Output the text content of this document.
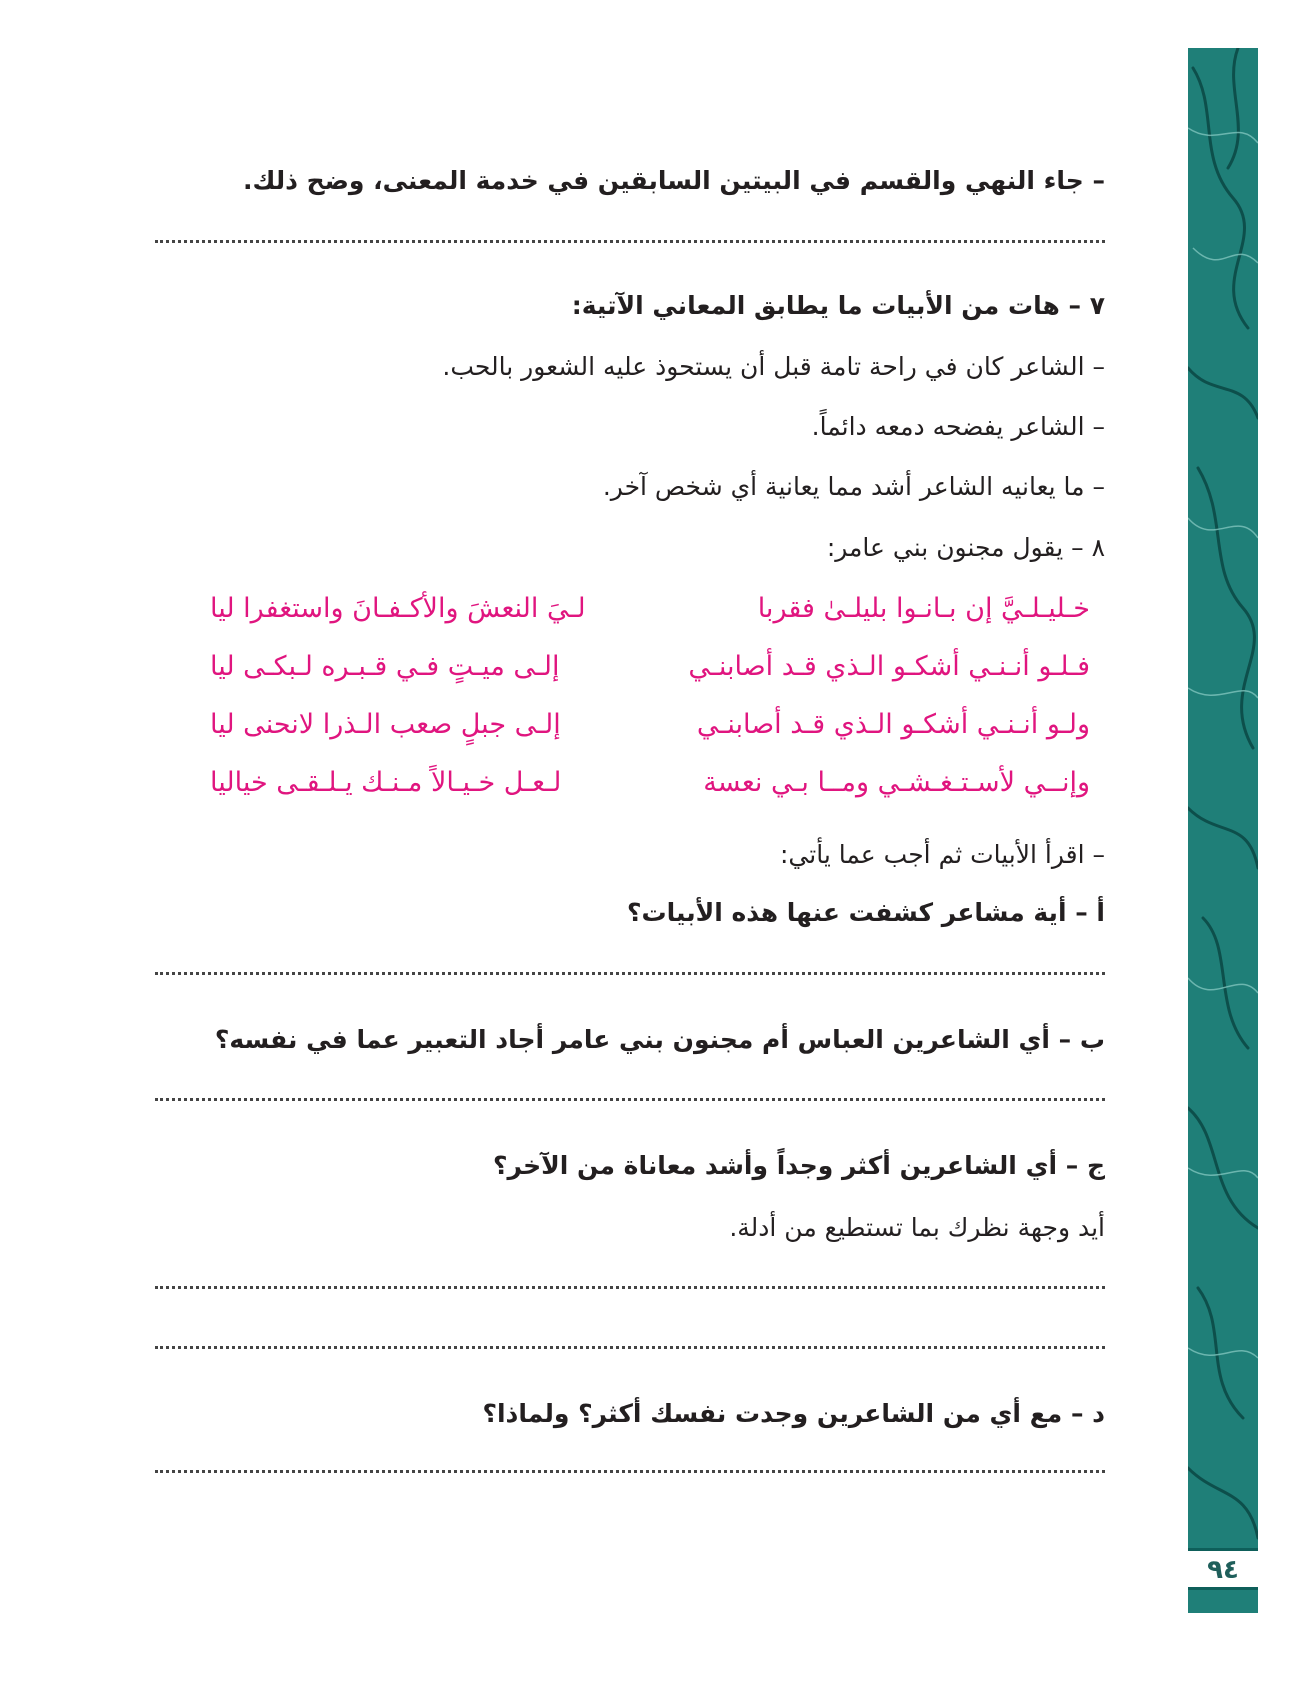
٩٤
– جاء النهي والقسم في البيتين السابقين في خدمة المعنى، وضح ذلك.
٧ – هات من الأبيات ما يطابق المعاني الآتية:
– الشاعر كان في راحة تامة قبل أن يستحوذ عليه الشعور بالحب.
– الشاعر يفضحه دمعه دائماً.
– ما يعانيه الشاعر أشد مما يعانية أي شخص آخر.
٨ – يقول مجنون بني عامر:
خـليـلـيَّ إن بـانـوا بليلـىٰ فقربا
لـيَ النعشَ والأكـفـانَ واستغفرا ليا
فـلـو أنـنـي أشكـو الـذي قـد أصابنـي
إلـى ميـتٍ فـي قـبـره لـبكـى ليا
ولـو أنـنـي أشكـو الـذي قـد أصابنـي
إلـى جبلٍ صعب الـذرا لانحنى ليا
وإنــي لأسـتـغـشـي ومــا بـي نعسة
لـعـل خـيـالاً مـنـك يـلـقـى خياليا
– اقرأ الأبيات ثم أجب عما يأتي:
أ – أية مشاعر كشفت عنها هذه الأبيات؟
ب – أي الشاعرين العباس أم مجنون بني عامر أجاد التعبير عما في نفسه؟
ج – أي الشاعرين أكثر وجداً وأشد معاناة من الآخر؟
أيد وجهة نظرك بما تستطيع من أدلة.
د – مع أي من الشاعرين وجدت نفسك أكثر؟ ولماذا؟
